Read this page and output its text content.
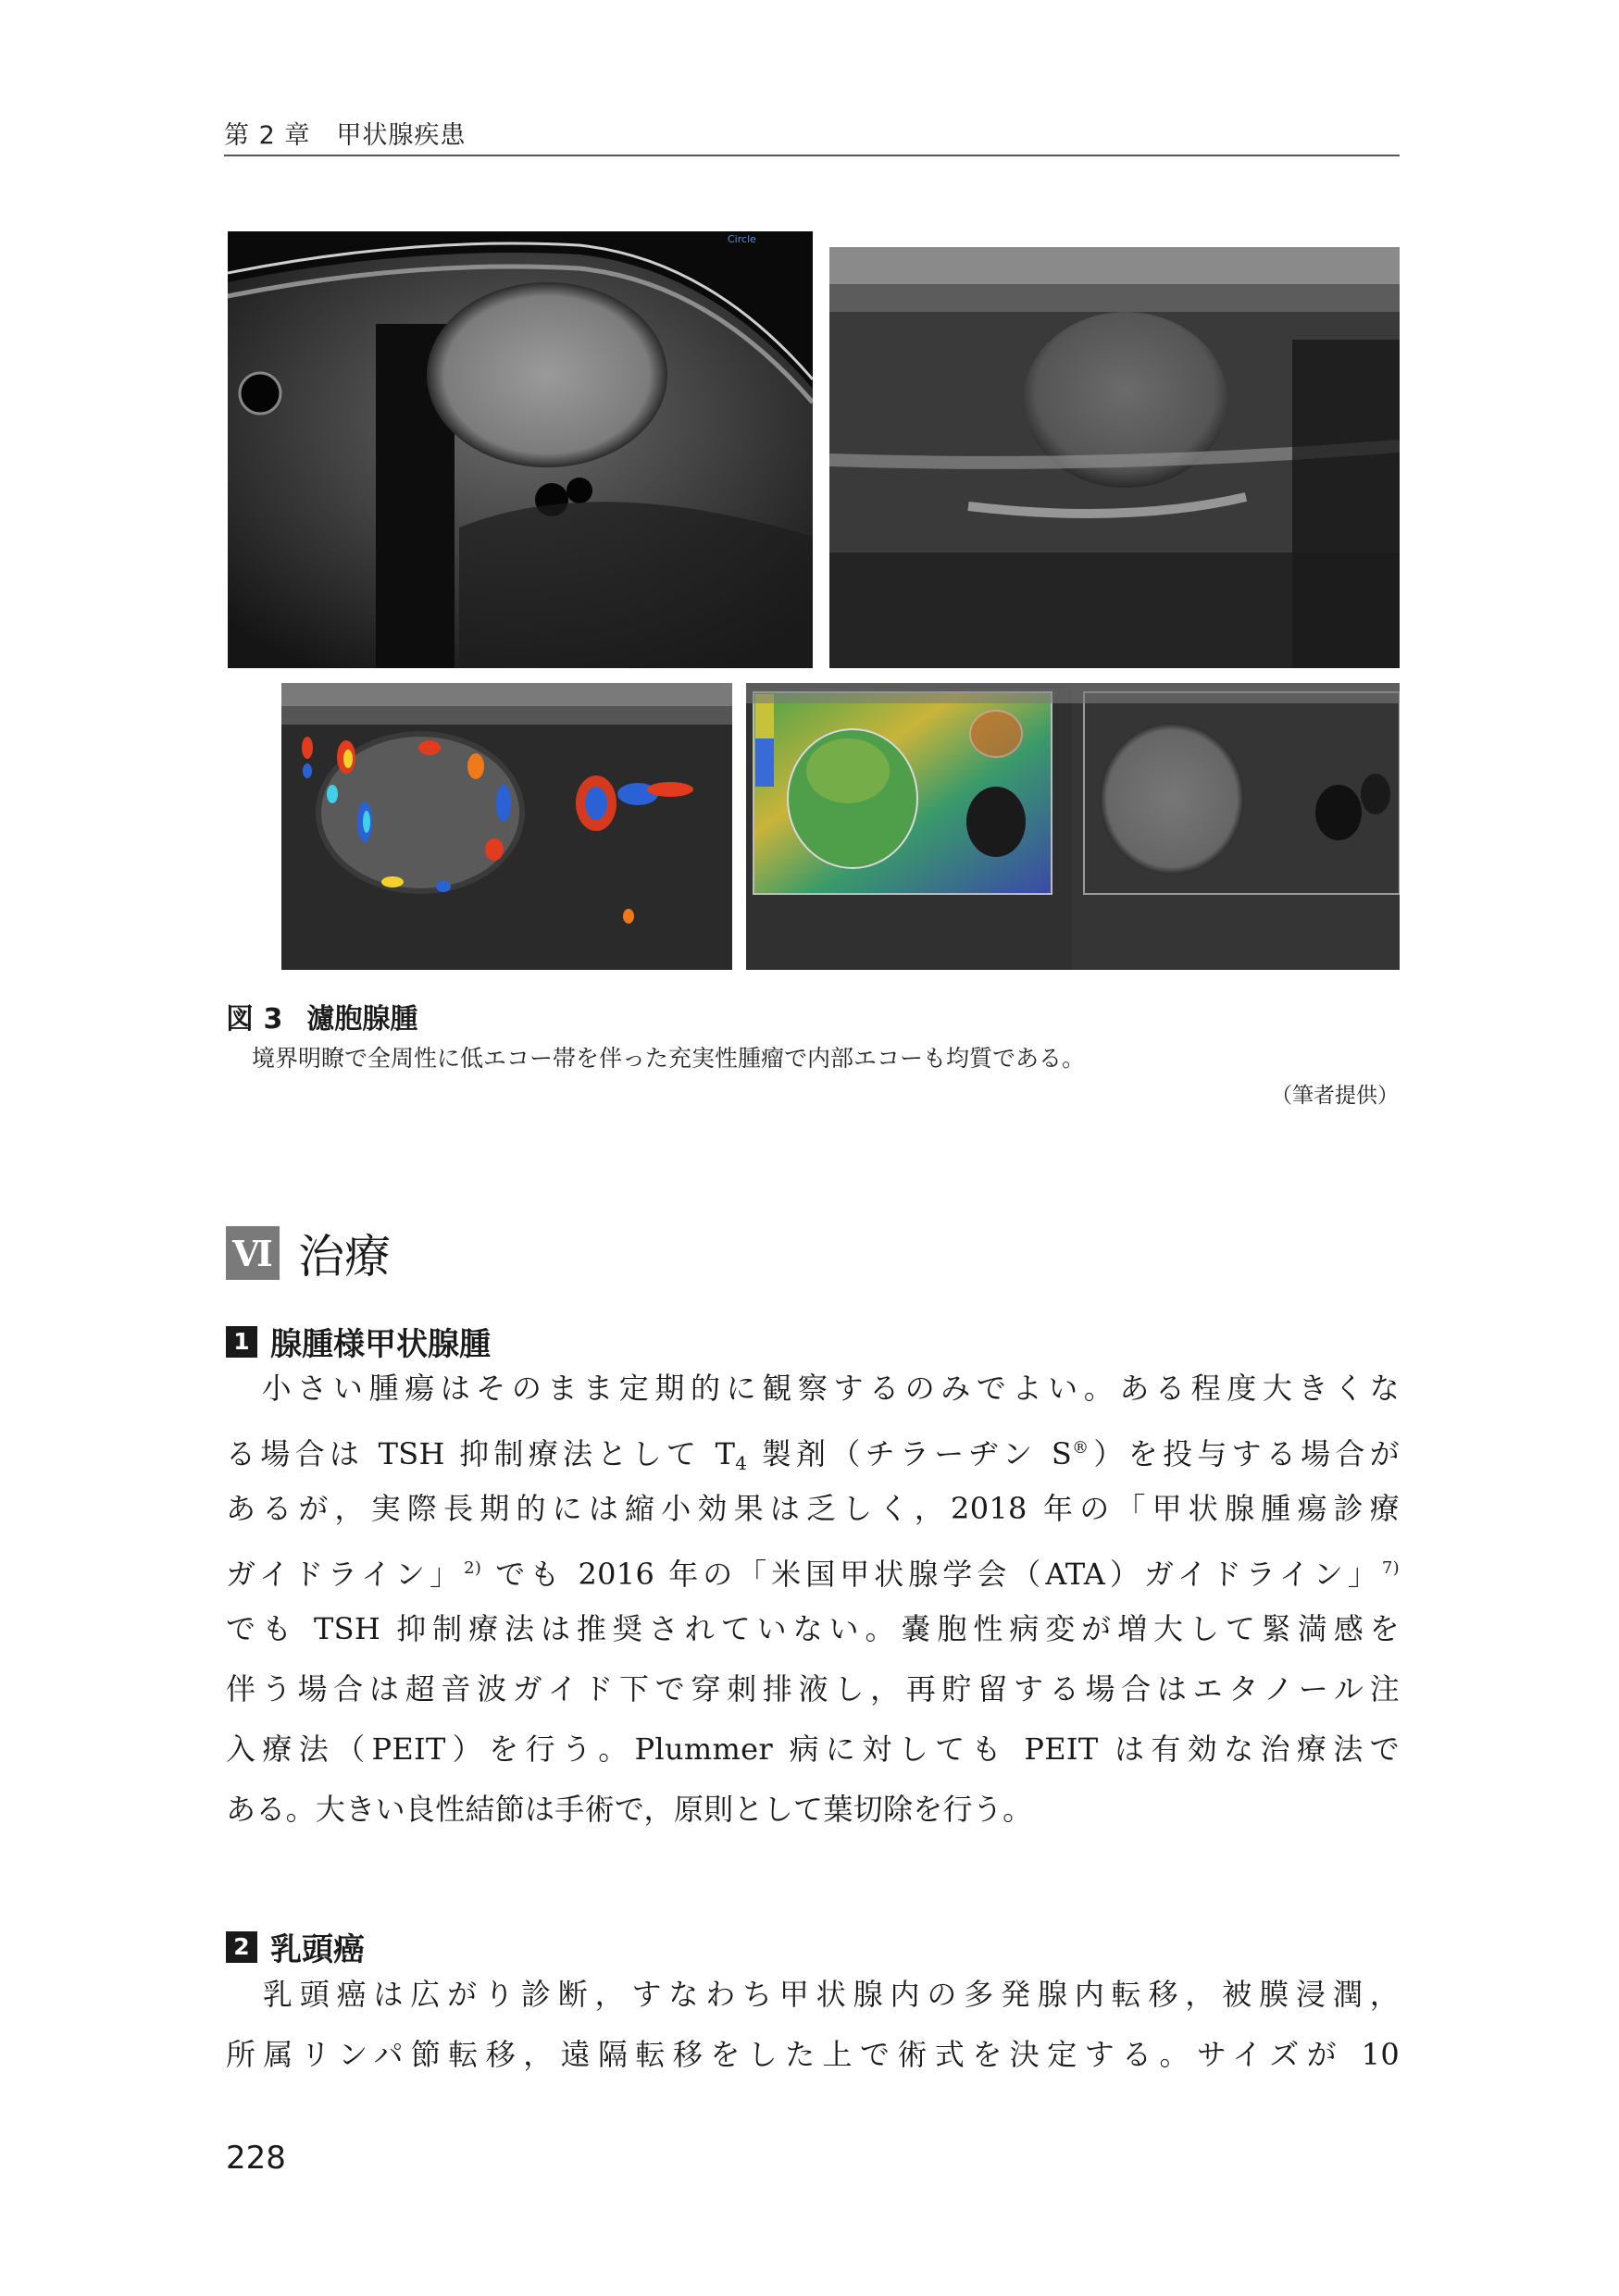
第 2 章　甲状腺疾患
Circle
図 3 濾胞腺腫
境界明瞭で全周性に低エコー帯を伴った充実性腫瘤で内部エコーも均質である。
（筆者提供）
Ⅵ 治療
1 腺腫様甲状腺腫
　小さい腫瘍はそのまま定期的に観察するのみでよい。ある程度大きくな
る場合は TSH 抑制療法として $T_4$ 製剤（チラーヂン S®）を投与する場合が
あるが，実際長期的には縮小効果は乏しく，2018 年の「甲状腺腫瘍診療
ガイドライン」$^{2)}$ でも 2016 年の「米国甲状腺学会（ATA）ガイドライン」$^{7)}$
でも TSH 抑制療法は推奨されていない。嚢胞性病変が増大して緊満感を
伴う場合は超音波ガイド下で穿刺排液し，再貯留する場合はエタノール注
入療法（PEIT）を行う。Plummer 病に対しても PEIT は有効な治療法で
ある。大きい良性結節は手術で，原則として葉切除を行う。
2 乳頭癌
　乳頭癌は広がり診断，すなわち甲状腺内の多発腺内転移，被膜浸潤，
所属リンパ節転移，遠隔転移をした上で術式を決定する。サイズが 10
228
